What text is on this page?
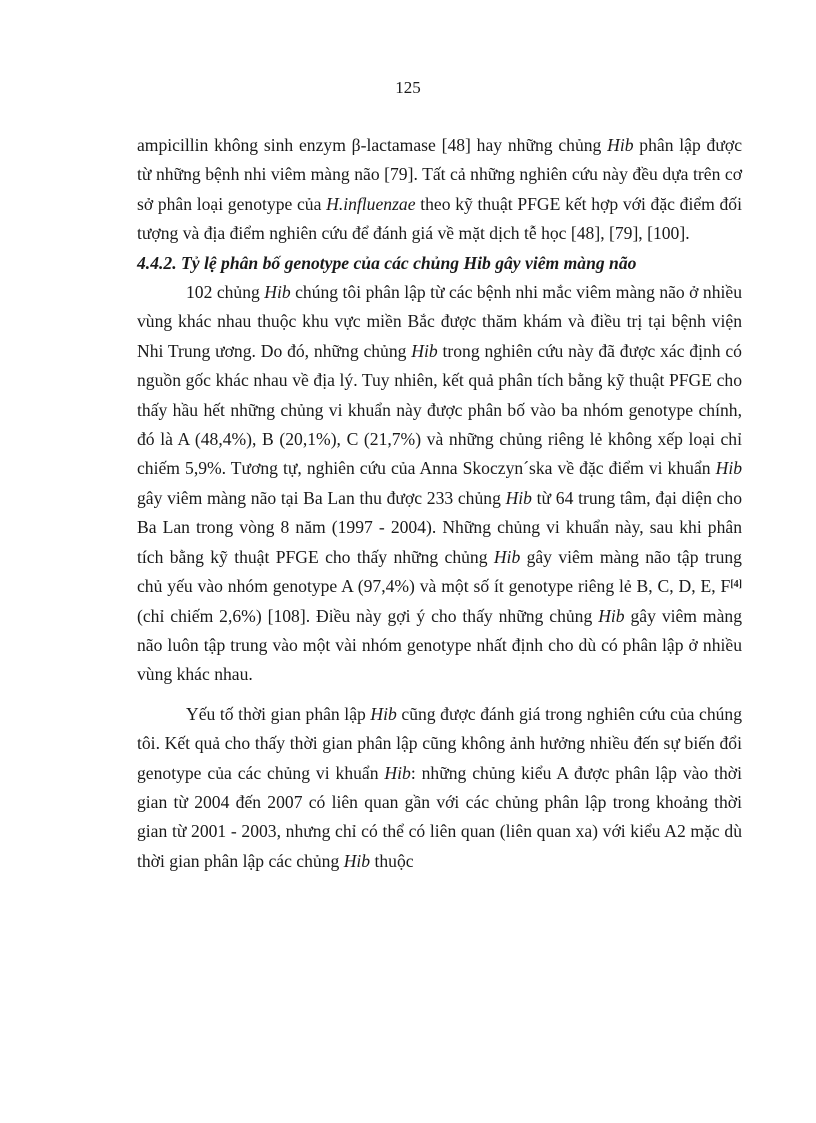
125

ampicillin không sinh enzym β-lactamase [48] hay những chủng Hib phân lập được từ những bệnh nhi viêm màng não [79]. Tất cả những nghiên cứu này đều dựa trên cơ sở phân loại genotype của H.influenzae theo kỹ thuật PFGE kết hợp với đặc điểm đối tượng và địa điểm nghiên cứu để đánh giá về mặt dịch tễ học [48], [79], [100].

4.4.2. Tỷ lệ phân bố genotype của các chủng Hib gây viêm màng não

102 chủng Hib chúng tôi phân lập từ các bệnh nhi mắc viêm màng não ở nhiều vùng khác nhau thuộc khu vực miền Bắc được thăm khám và điều trị tại bệnh viện Nhi Trung ương. Do đó, những chủng Hib trong nghiên cứu này đã được xác định có nguồn gốc khác nhau về địa lý. Tuy nhiên, kết quả phân tích bằng kỹ thuật PFGE cho thấy hầu hết những chủng vi khuẩn này được phân bố vào ba nhóm genotype chính, đó là A (48,4%), B (20,1%), C (21,7%) và những chủng riêng lẻ không xếp loại chỉ chiếm 5,9%. Tương tự, nghiên cứu của Anna Skoczyn´ska về đặc điểm vi khuẩn Hib gây viêm màng não tại Ba Lan thu được 233 chủng Hib từ 64 trung tâm, đại diện cho Ba Lan trong vòng 8 năm (1997 - 2004). Những chủng vi khuẩn này, sau khi phân tích bằng kỹ thuật PFGE cho thấy những chủng Hib gây viêm màng não tập trung chủ yếu vào nhóm genotype A (97,4%) và một số ít genotype riêng lẻ B, C, D, E, F[4] (chỉ chiếm 2,6%) [108]. Điều này gợi ý cho thấy những chủng Hib gây viêm màng não luôn tập trung vào một vài nhóm genotype nhất định cho dù có phân lập ở nhiều vùng khác nhau.

Yếu tố thời gian phân lập Hib cũng được đánh giá trong nghiên cứu của chúng tôi. Kết quả cho thấy thời gian phân lập cũng không ảnh hưởng nhiều đến sự biến đổi genotype của các chủng vi khuẩn Hib: những chủng kiểu A được phân lập vào thời gian từ 2004 đến 2007 có liên quan gần với các chủng phân lập trong khoảng thời gian từ 2001 - 2003, nhưng chỉ có thể có liên quan (liên quan xa) với kiểu A2 mặc dù thời gian phân lập các chủng Hib thuộc
